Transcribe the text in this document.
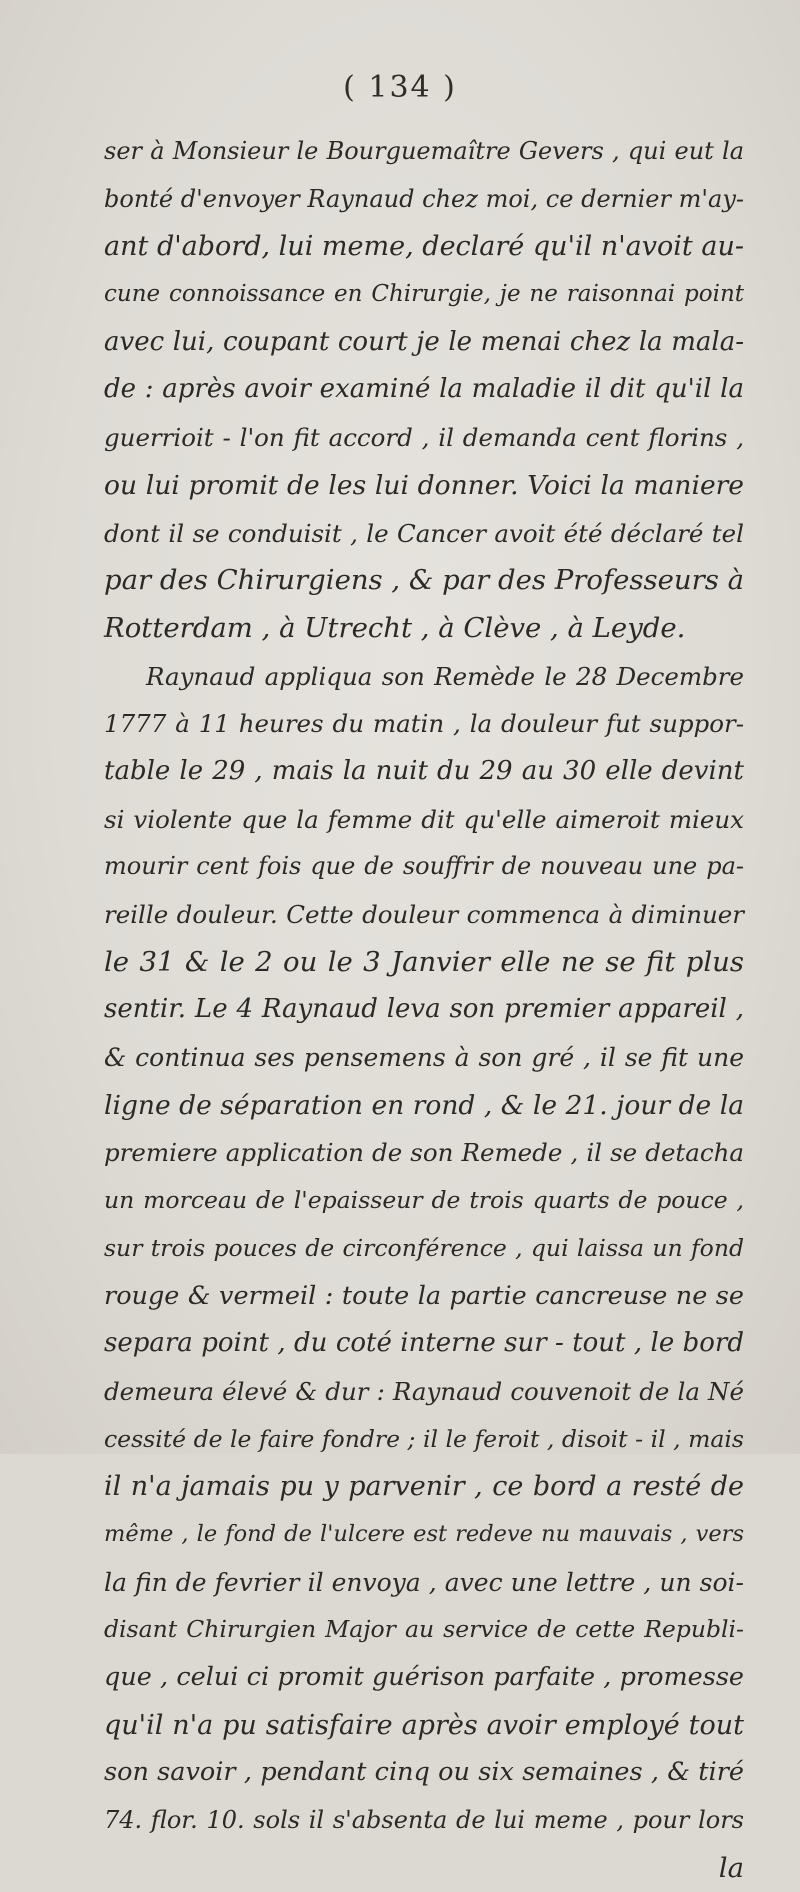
( 134 )
ser à Monsieur le Bourguemaître Gevers , qui eut la
bonté d'envoyer Raynaud chez moi, ce dernier m'ay-
ant d'abord, lui meme, declaré qu'il n'avoit au-
cune connoissance en Chirurgie, je ne raisonnai point
avec lui, coupant court je le menai chez la mala-
de : après avoir examiné la maladie il dit qu'il la
guerrioit - l'on fit accord , il demanda cent florins ,
ou lui promit de les lui donner. Voici la maniere
dont il se conduisit , le Cancer avoit été déclaré tel
par des Chirurgiens , & par des Professeurs à
Rotterdam , à Utrecht , à Clève , à Leyde.
Raynaud appliqua son Remède le 28 Decembre
1777 à 11 heures du matin , la douleur fut suppor-
table le 29 , mais la nuit du 29 au 30 elle devint
si violente que la femme dit qu'elle aimeroit mieux
mourir cent fois que de souffrir de nouveau une pa-
reille douleur. Cette douleur commenca à diminuer
le 31 & le 2 ou le 3 Janvier elle ne se fit plus
sentir. Le 4 Raynaud leva son premier appareil ,
& continua ses pensemens à son gré , il se fit une
ligne de séparation en rond , & le 21. jour de la
premiere application de son Remede , il se detacha
un morceau de l'epaisseur de trois quarts de pouce ,
sur trois pouces de circonférence , qui laissa un fond
rouge & vermeil : toute la partie cancreuse ne se
separa point , du coté interne sur - tout , le bord
demeura élevé & dur : Raynaud couvenoit de la Né
cessité de le faire fondre ; il le feroit , disoit - il , mais
il n'a jamais pu y parvenir , ce bord a resté de
même , le fond de l'ulcere est redeve nu mauvais , vers
la fin de fevrier il envoya , avec une lettre , un soi-
disant Chirurgien Major au service de cette Republi-
que , celui ci promit guérison parfaite , promesse
qu'il n'a pu satisfaire après avoir employé tout
son savoir , pendant cinq ou six semaines , & tiré
74. flor. 10. sols il s'absenta de lui meme , pour lors
la
